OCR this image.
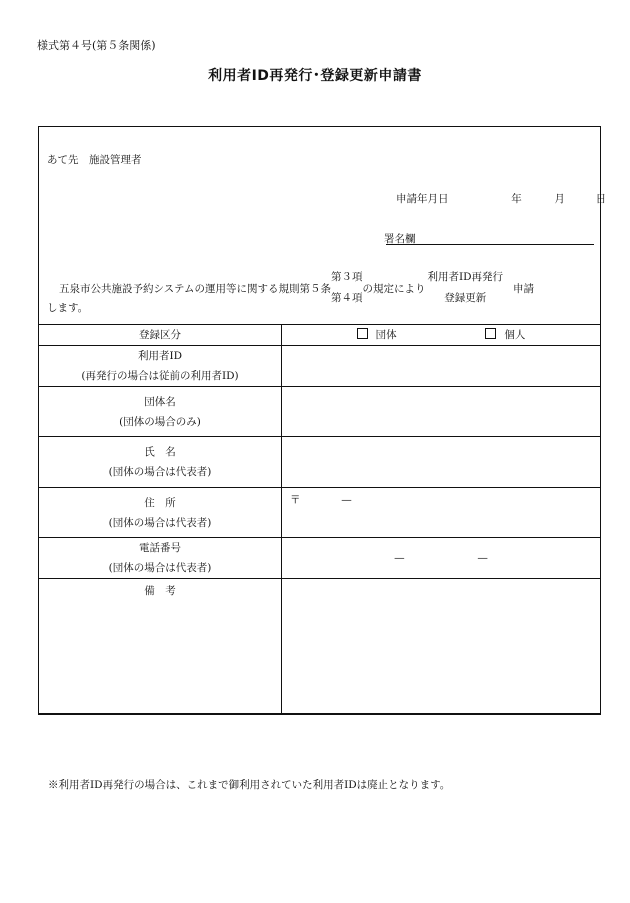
様式第４号(第５条関係)
利用者ID再発行･登録更新申請書
あて先　施設管理者
申請年月日	年	月	日
署名欄
五泉市公共施設予約システムの運用等に関する規則第５条
第３項
第４項
の規定により
利用者ID再発行
登録更新
申請
します。
登録区分	団体 個人

利用者ID
(再発行の場合は従前の利用者ID)	

団体名
(団体の場合のみ)	

氏　名
(団体の場合は代表者)	

住　所
(団体の場合は代表者)	〒 —

電話番号
(団体の場合は代表者)	— —

備　考	

※利用者ID再発行の場合は、これまで御利用されていた利用者IDは廃止となります。
